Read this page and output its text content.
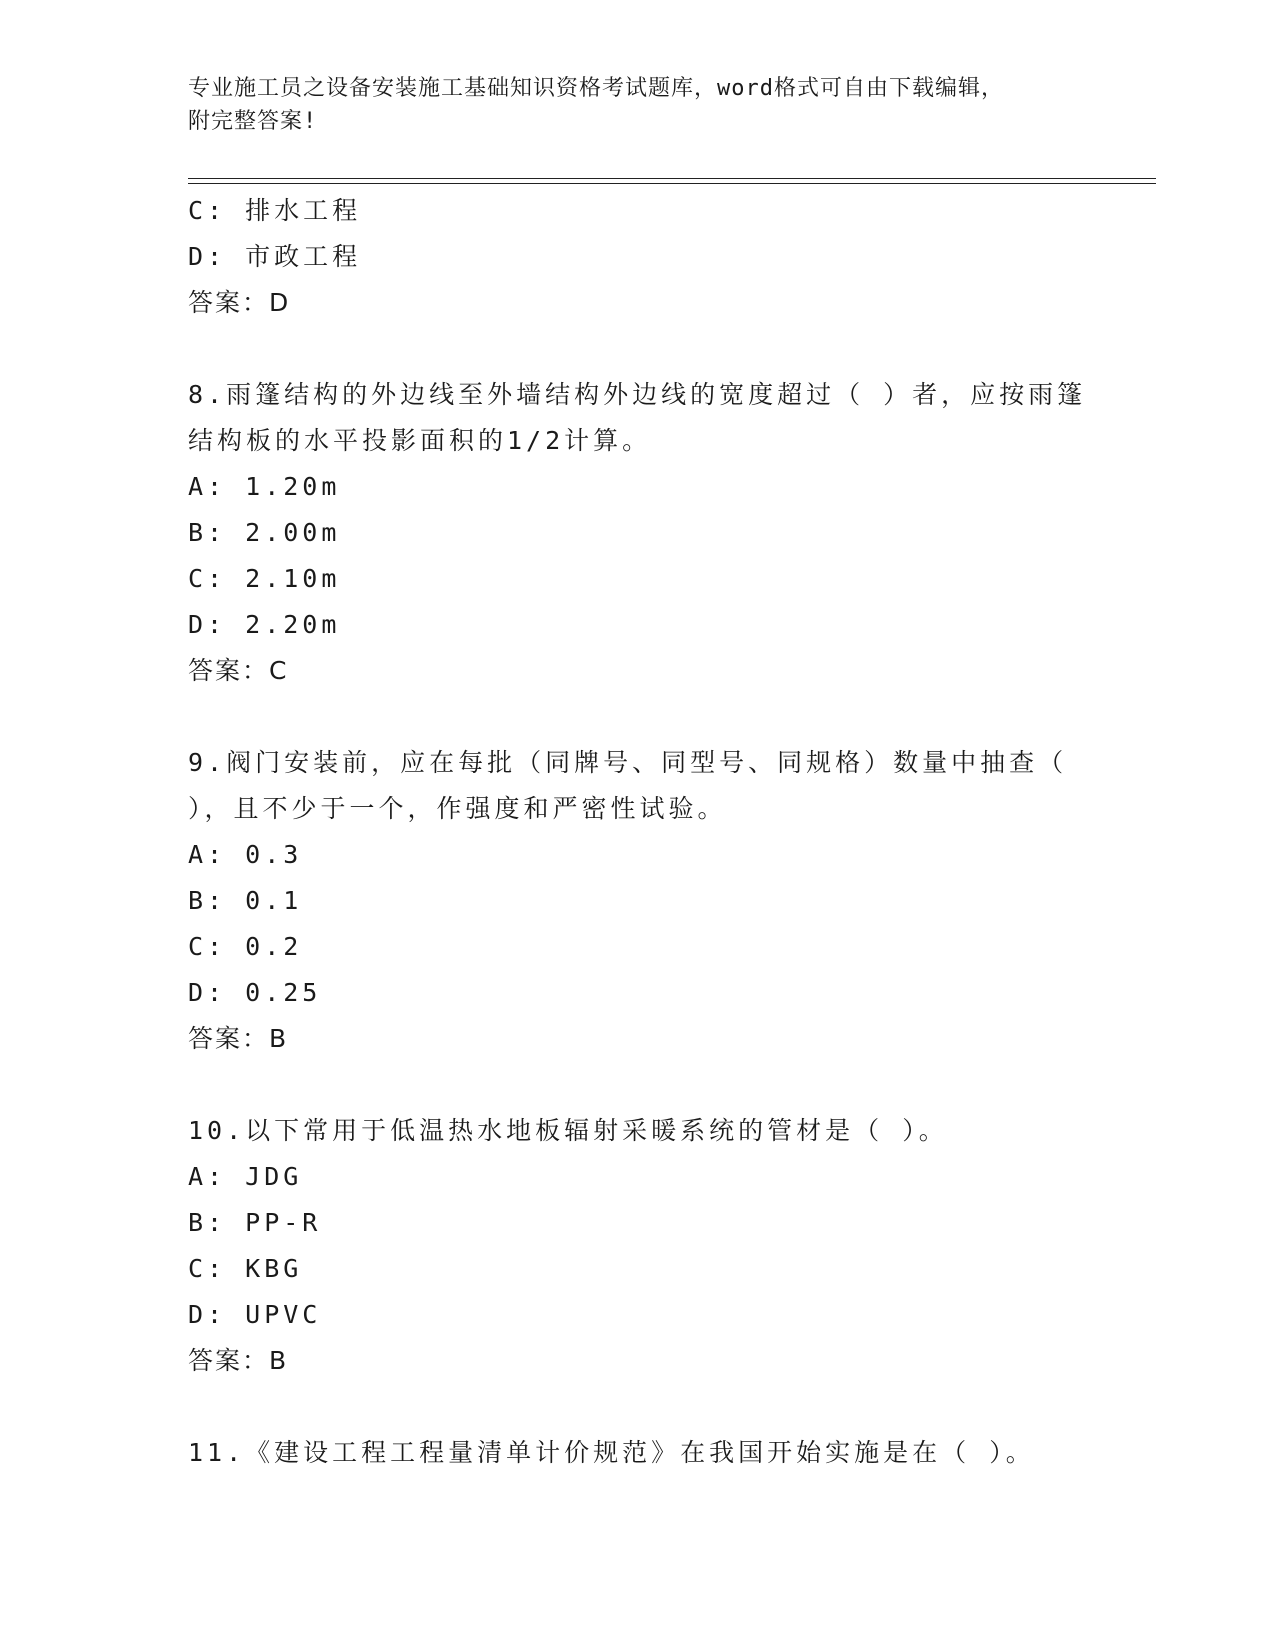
专业施工员之设备安装施工基础知识资格考试题库，word格式可自由下载编辑，
附完整答案!
C: 排水工程
D: 市政工程
答案：D
8.雨篷结构的外边线至外墙结构外边线的宽度超过（ ）者，应按雨篷
结构板的水平投影面积的1/2计算。
A: 1.20m
B: 2.00m
C: 2.10m
D: 2.20m
答案：C
9.阀门安装前，应在每批（同牌号、同型号、同规格）数量中抽查（
），且不少于一个，作强度和严密性试验。
A: 0.3
B: 0.1
C: 0.2
D: 0.25
答案：B
10.以下常用于低温热水地板辐射采暖系统的管材是（ ）。
A: JDG
B: PP-R
C: KBG
D: UPVC
答案：B
11.《建设工程工程量清单计价规范》在我国开始实施是在（ ）。
